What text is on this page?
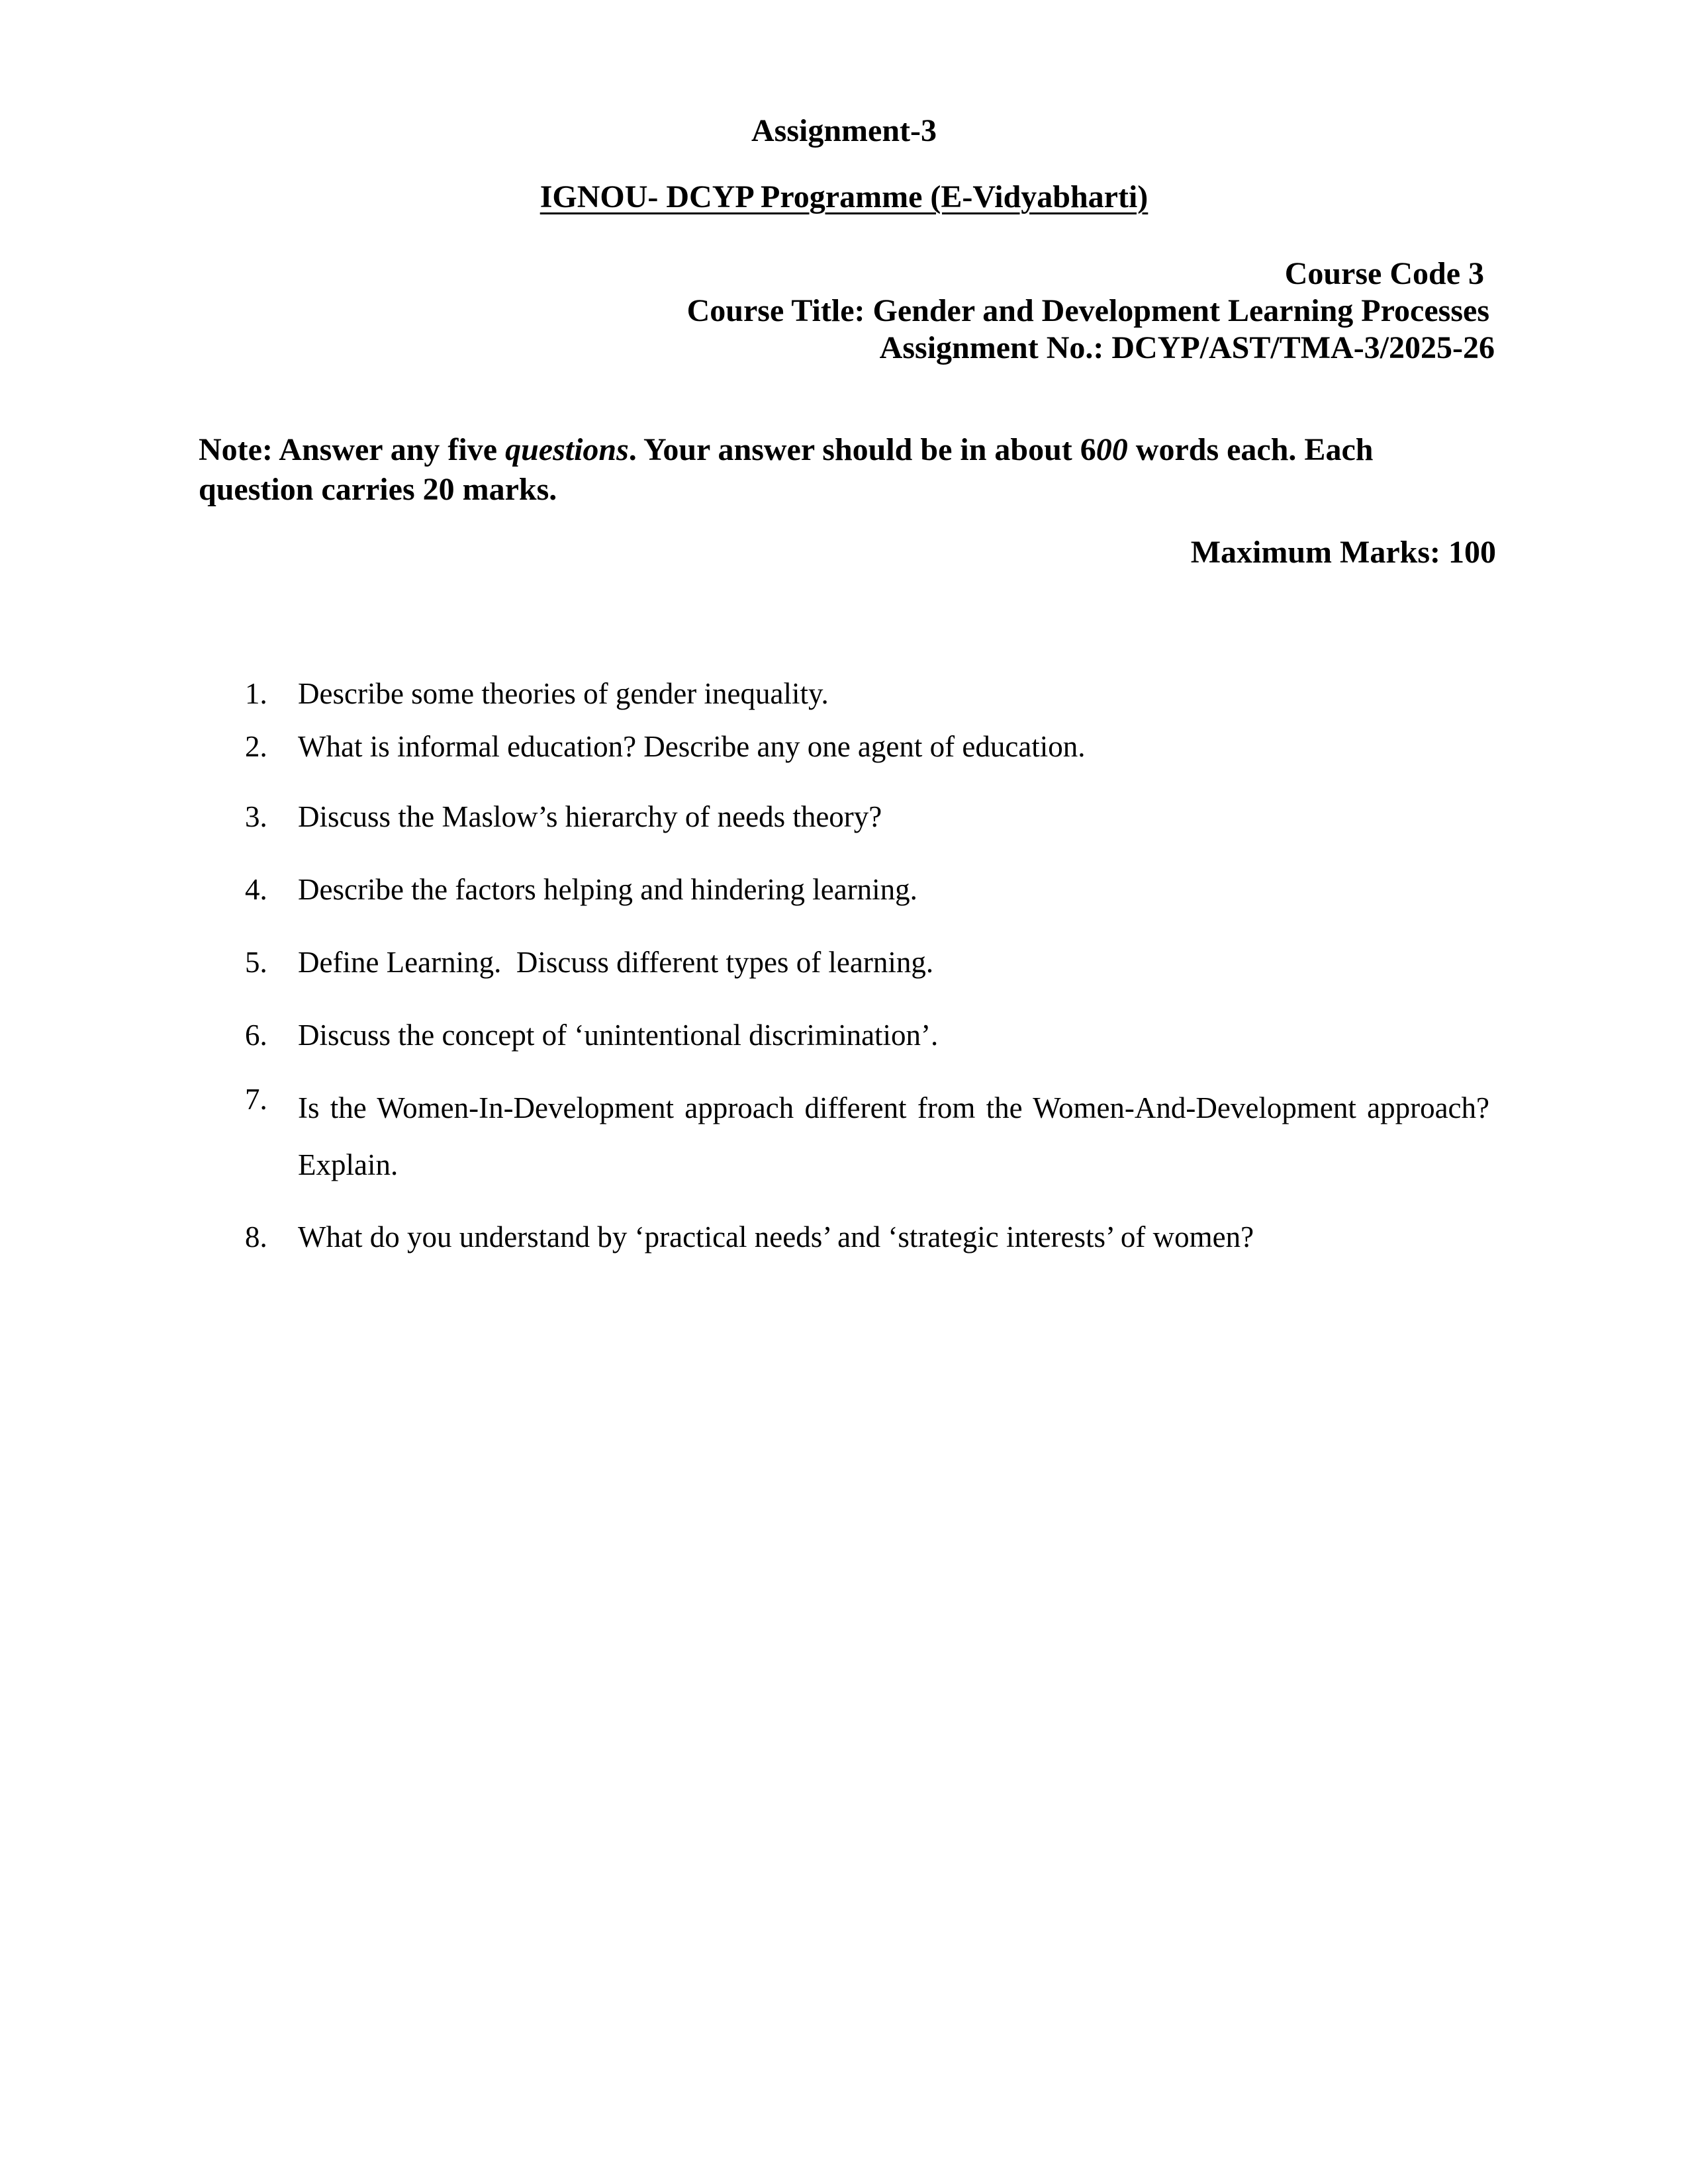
Assignment-3
IGNOU- DCYP Programme (E-Vidyabharti)
Course Code 3
Course Title: Gender and Development Learning Processes
Assignment No.: DCYP/AST/TMA-3/2025-26
Note: Answer any five questions. Your answer should be in about 600 words each. Each
question carries 20 marks.
Maximum Marks: 100
1.	Describe some theories of gender inequality.
2.	What is informal education? Describe any one agent of education.
3.	Discuss the Maslow’s hierarchy of needs theory?
4.	Describe the factors helping and hindering learning.
5.	Define Learning.  Discuss different types of learning.
6.	Discuss the concept of ‘unintentional discrimination’.
7.	Is the Women-In-Development approach different from the Women-And-Development approach? Explain.
8.	What do you understand by ‘practical needs’ and ‘strategic interests’ of women?
